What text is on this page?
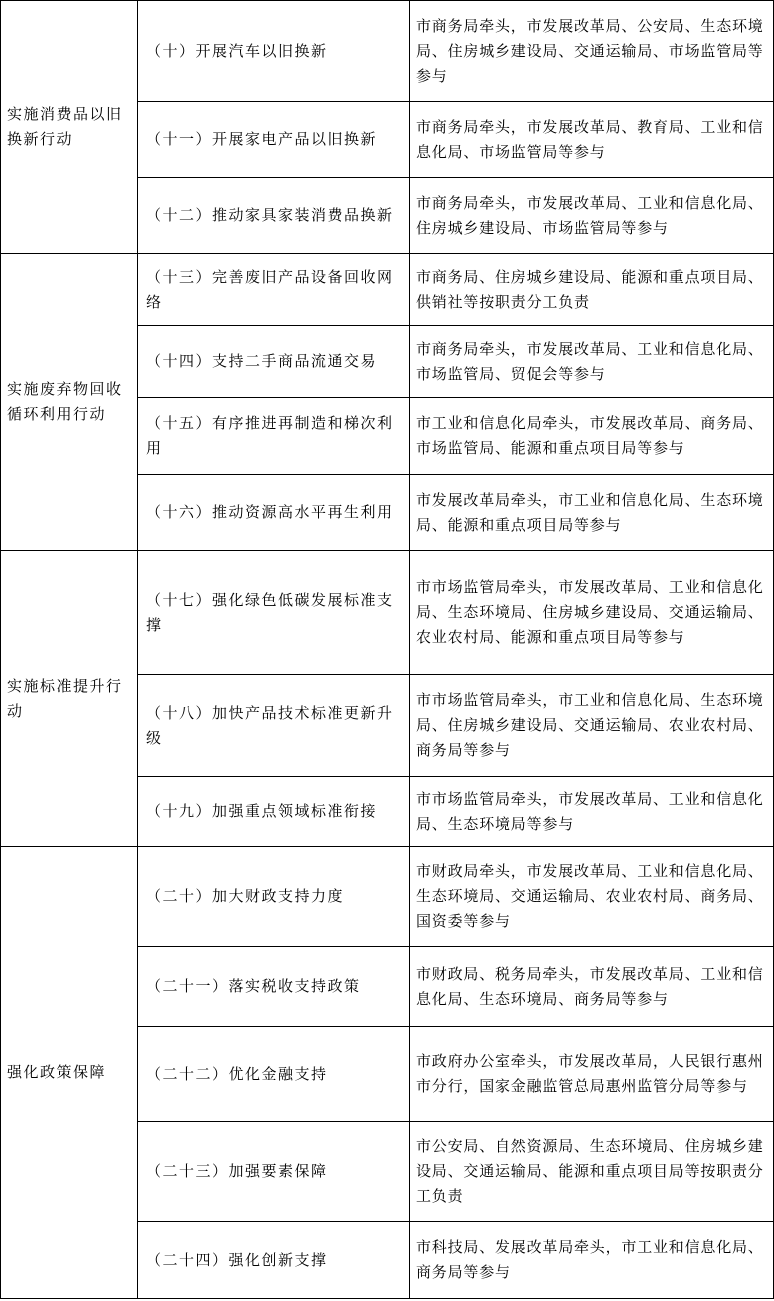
实施消费品以旧换新行动	（十）开展汽车以旧换新	市商务局牵头，市发展改革局、公安局、生态环境局、住房城乡建设局、交通运输局、市场监管局等参与
	（十一）开展家电产品以旧换新	市商务局牵头，市发展改革局、教育局、工业和信息化局、市场监管局等参与
	（十二）推动家具家装消费品换新	市商务局牵头，市发展改革局、工业和信息化局、住房城乡建设局、市场监管局等参与
实施废弃物回收循环利用行动	（十三）完善废旧产品设备回收网络	市商务局、住房城乡建设局、能源和重点项目局、供销社等按职责分工负责
	（十四）支持二手商品流通交易	市商务局牵头，市发展改革局、工业和信息化局、市场监管局、贸促会等参与
	（十五）有序推进再制造和梯次利用	市工业和信息化局牵头，市发展改革局、商务局、市场监管局、能源和重点项目局等参与
	（十六）推动资源高水平再生利用	市发展改革局牵头，市工业和信息化局、生态环境局、能源和重点项目局等参与
实施标准提升行动	（十七）强化绿色低碳发展标准支撑	市市场监管局牵头，市发展改革局、工业和信息化局、生态环境局、住房城乡建设局、交通运输局、农业农村局、能源和重点项目局等参与
	（十八）加快产品技术标准更新升级	市市场监管局牵头，市工业和信息化局、生态环境局、住房城乡建设局、交通运输局、农业农村局、商务局等参与
	（十九）加强重点领域标准衔接	市市场监管局牵头，市发展改革局、工业和信息化局、生态环境局等参与
强化政策保障	（二十）加大财政支持力度	市财政局牵头，市发展改革局、工业和信息化局、生态环境局、交通运输局、农业农村局、商务局、国资委等参与
	（二十一）落实税收支持政策	市财政局、税务局牵头，市发展改革局、工业和信息化局、生态环境局、商务局等参与
	（二十二）优化金融支持	市政府办公室牵头，市发展改革局，人民银行惠州市分行，国家金融监管总局惠州监管分局等参与
	（二十三）加强要素保障	市公安局、自然资源局、生态环境局、住房城乡建设局、交通运输局、能源和重点项目局等按职责分工负责
	（二十四）强化创新支撑	市科技局、发展改革局牵头，市工业和信息化局、商务局等参与
